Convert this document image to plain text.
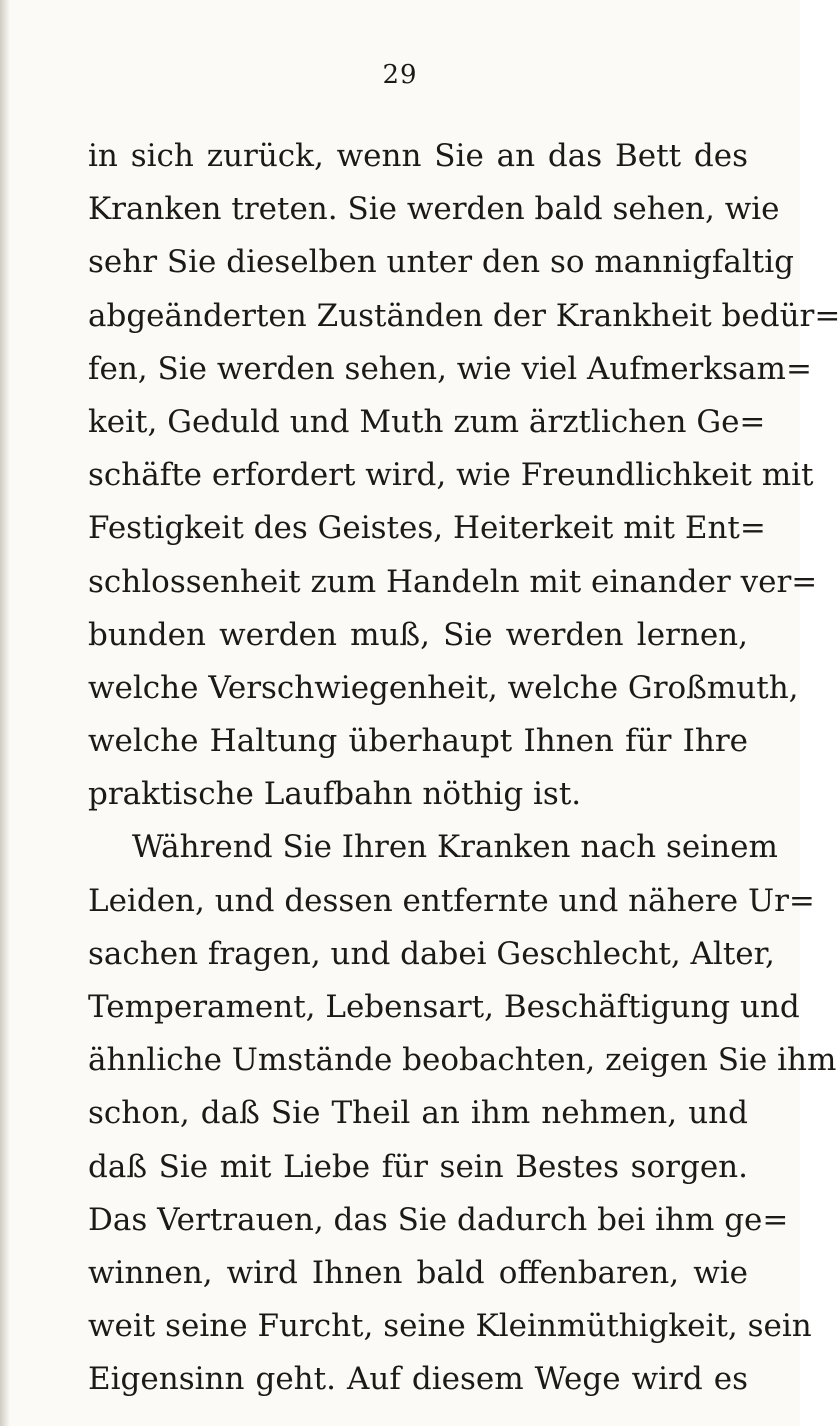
29
in sich zurück, wenn Sie an das Bett des
Kranken treten. Sie werden bald sehen, wie
sehr Sie dieselben unter den so mannigfaltig
abgeänderten Zuständen der Krankheit bedür=
fen, Sie werden sehen, wie viel Aufmerksam=
keit, Geduld und Muth zum ärztlichen Ge=
schäfte erfordert wird, wie Freundlichkeit mit
Festigkeit des Geistes, Heiterkeit mit Ent=
schlossenheit zum Handeln mit einander ver=
bunden werden muß, Sie werden lernen,
welche Verschwiegenheit, welche Großmuth,
welche Haltung überhaupt Ihnen für Ihre
praktische Laufbahn nöthig ist.
Während Sie Ihren Kranken nach seinem
Leiden, und dessen entfernte und nähere Ur=
sachen fragen, und dabei Geschlecht, Alter,
Temperament, Lebensart, Beschäftigung und
ähnliche Umstände beobachten, zeigen Sie ihm
schon, daß Sie Theil an ihm nehmen, und
daß Sie mit Liebe für sein Bestes sorgen.
Das Vertrauen, das Sie dadurch bei ihm ge=
winnen, wird Ihnen bald offenbaren, wie
weit seine Furcht, seine Kleinmüthigkeit, sein
Eigensinn geht. Auf diesem Wege wird es
